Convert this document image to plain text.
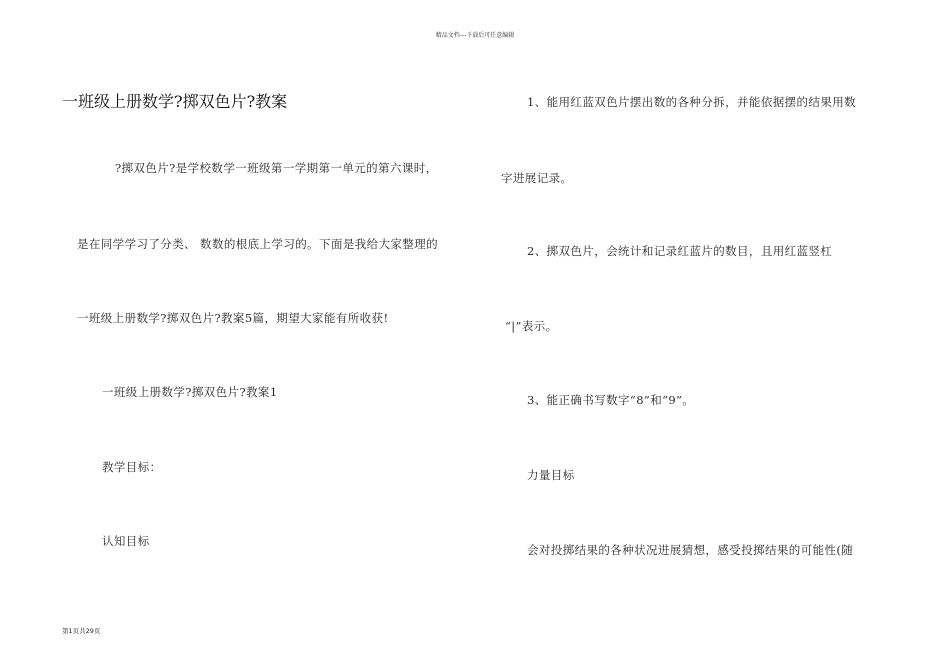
精品文档---下载后可任意编辑
一班级上册数学?掷双色片?教案
?掷双色片?是学校数学一班级第一学期第一单元的第六课时，
是在同学学习了分类、 数数的根底上学习的。下面是我给大家整理的
一班级上册数学?掷双色片?教案5篇，期望大家能有所收获!
一班级上册数学?掷双色片?教案1
教学目标：
认知目标
1、能用红蓝双色片摆出数的各种分拆，并能依据摆的结果用数
字进展记录。
2、掷双色片，会统计和记录红蓝片的数目，且用红蓝竖杠
“|”表示。
3、能正确书写数字“8”和“9”。
力量目标
会对投掷结果的各种状况进展猜想，感受投掷结果的可能性(随
第1页共29页
